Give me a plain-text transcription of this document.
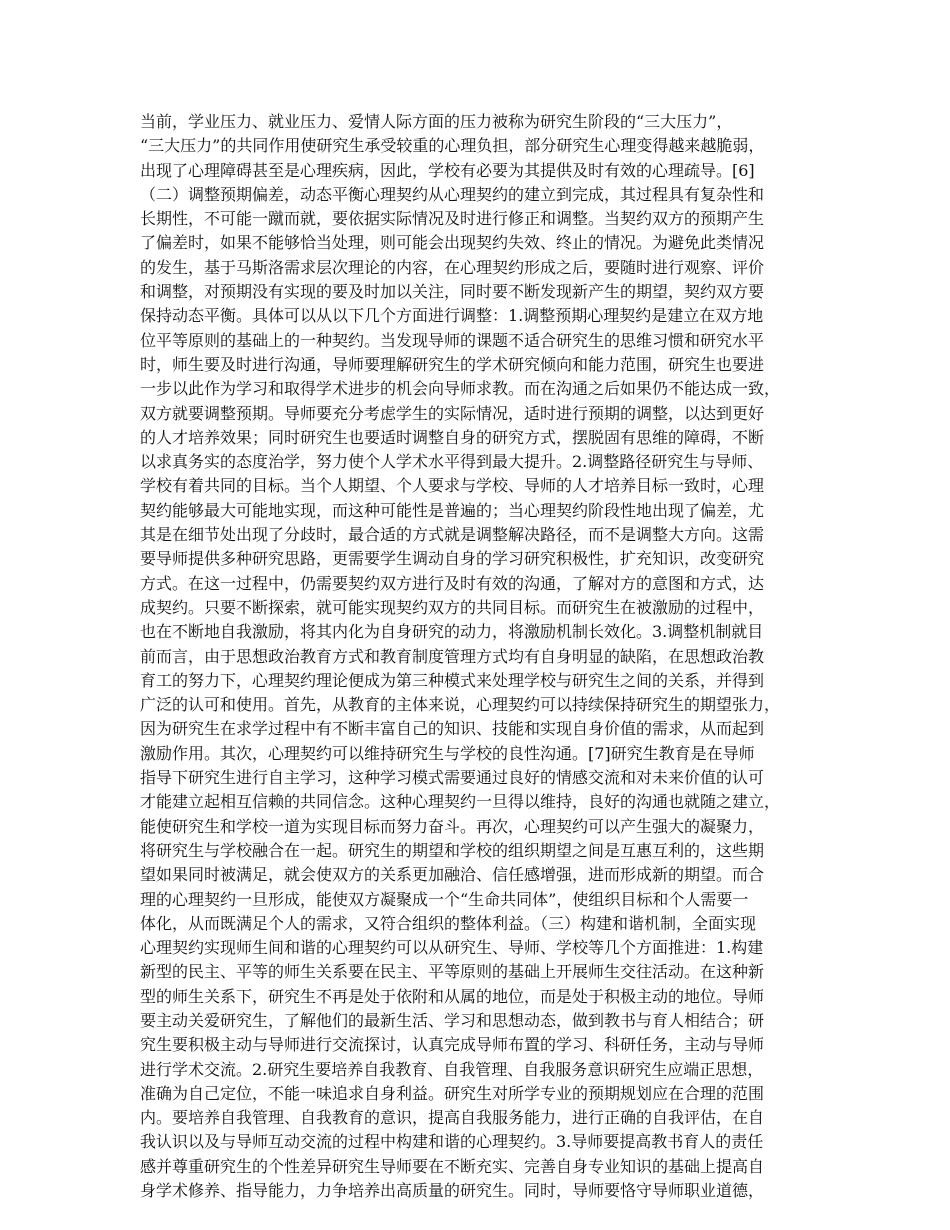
当前，学业压力、就业压力、爱情人际方面的压力被称为研究生阶段的“三大压力”，
“三大压力”的共同作用使研究生承受较重的心理负担，部分研究生心理变得越来越脆弱，
出现了心理障碍甚至是心理疾病，因此，学校有必要为其提供及时有效的心理疏导。[6]
（二）调整预期偏差，动态平衡心理契约从心理契约的建立到完成，其过程具有复杂性和
长期性，不可能一蹴而就，要依据实际情况及时进行修正和调整。当契约双方的预期产生
了偏差时，如果不能够恰当处理，则可能会出现契约失效、终止的情况。为避免此类情况
的发生，基于马斯洛需求层次理论的内容，在心理契约形成之后，要随时进行观察、评价
和调整，对预期没有实现的要及时加以关注，同时要不断发现新产生的期望，契约双方要
保持动态平衡。具体可以从以下几个方面进行调整：1.调整预期心理契约是建立在双方地
位平等原则的基础上的一种契约。当发现导师的课题不适合研究生的思维习惯和研究水平
时，师生要及时进行沟通，导师要理解研究生的学术研究倾向和能力范围，研究生也要进
一步以此作为学习和取得学术进步的机会向导师求教。而在沟通之后如果仍不能达成一致，
双方就要调整预期。导师要充分考虑学生的实际情况，适时进行预期的调整，以达到更好
的人才培养效果；同时研究生也要适时调整自身的研究方式，摆脱固有思维的障碍，不断
以求真务实的态度治学，努力使个人学术水平得到最大提升。2.调整路径研究生与导师、
学校有着共同的目标。当个人期望、个人要求与学校、导师的人才培养目标一致时，心理
契约能够最大可能地实现，而这种可能性是普遍的；当心理契约阶段性地出现了偏差，尤
其是在细节处出现了分歧时，最合适的方式就是调整解决路径，而不是调整大方向。这需
要导师提供多种研究思路，更需要学生调动自身的学习研究积极性，扩充知识，改变研究
方式。在这一过程中，仍需要契约双方进行及时有效的沟通，了解对方的意图和方式，达
成契约。只要不断探索，就可能实现契约双方的共同目标。而研究生在被激励的过程中，
也在不断地自我激励，将其内化为自身研究的动力，将激励机制长效化。3.调整机制就目
前而言，由于思想政治教育方式和教育制度管理方式均有自身明显的缺陷，在思想政治教
育工的努力下，心理契约理论便成为第三种模式来处理学校与研究生之间的关系，并得到
广泛的认可和使用。首先，从教育的主体来说，心理契约可以持续保持研究生的期望张力，
因为研究生在求学过程中有不断丰富自己的知识、技能和实现自身价值的需求，从而起到
激励作用。其次，心理契约可以维持研究生与学校的良性沟通。[7]研究生教育是在导师
指导下研究生进行自主学习，这种学习模式需要通过良好的情感交流和对未来价值的认可
才能建立起相互信赖的共同信念。这种心理契约一旦得以维持，良好的沟通也就随之建立，
能使研究生和学校一道为实现目标而努力奋斗。再次，心理契约可以产生强大的凝聚力，
将研究生与学校融合在一起。研究生的期望和学校的组织期望之间是互惠互利的，这些期
望如果同时被满足，就会使双方的关系更加融洽、信任感增强，进而形成新的期望。而合
理的心理契约一旦形成，能使双方凝聚成一个“生命共同体”，使组织目标和个人需要一
体化，从而既满足个人的需求，又符合组织的整体利益。（三）构建和谐机制，全面实现
心理契约实现师生间和谐的心理契约可以从研究生、导师、学校等几个方面推进：1.构建
新型的民主、平等的师生关系要在民主、平等原则的基础上开展师生交往活动。在这种新
型的师生关系下，研究生不再是处于依附和从属的地位，而是处于积极主动的地位。导师
要主动关爱研究生，了解他们的最新生活、学习和思想动态，做到教书与育人相结合；研
究生要积极主动与导师进行交流探讨，认真完成导师布置的学习、科研任务，主动与导师
进行学术交流。2.研究生要培养自我教育、自我管理、自我服务意识研究生应端正思想，
准确为自己定位，不能一味追求自身利益。研究生对所学专业的预期规划应在合理的范围
内。要培养自我管理、自我教育的意识，提高自我服务能力，进行正确的自我评估，在自
我认识以及与导师互动交流的过程中构建和谐的心理契约。3.导师要提高教书育人的责任
感并尊重研究生的个性差异研究生导师要在不断充实、完善自身专业知识的基础上提高自
身学术修养、指导能力，力争培养出高质量的研究生。同时，导师要恪守导师职业道德，
